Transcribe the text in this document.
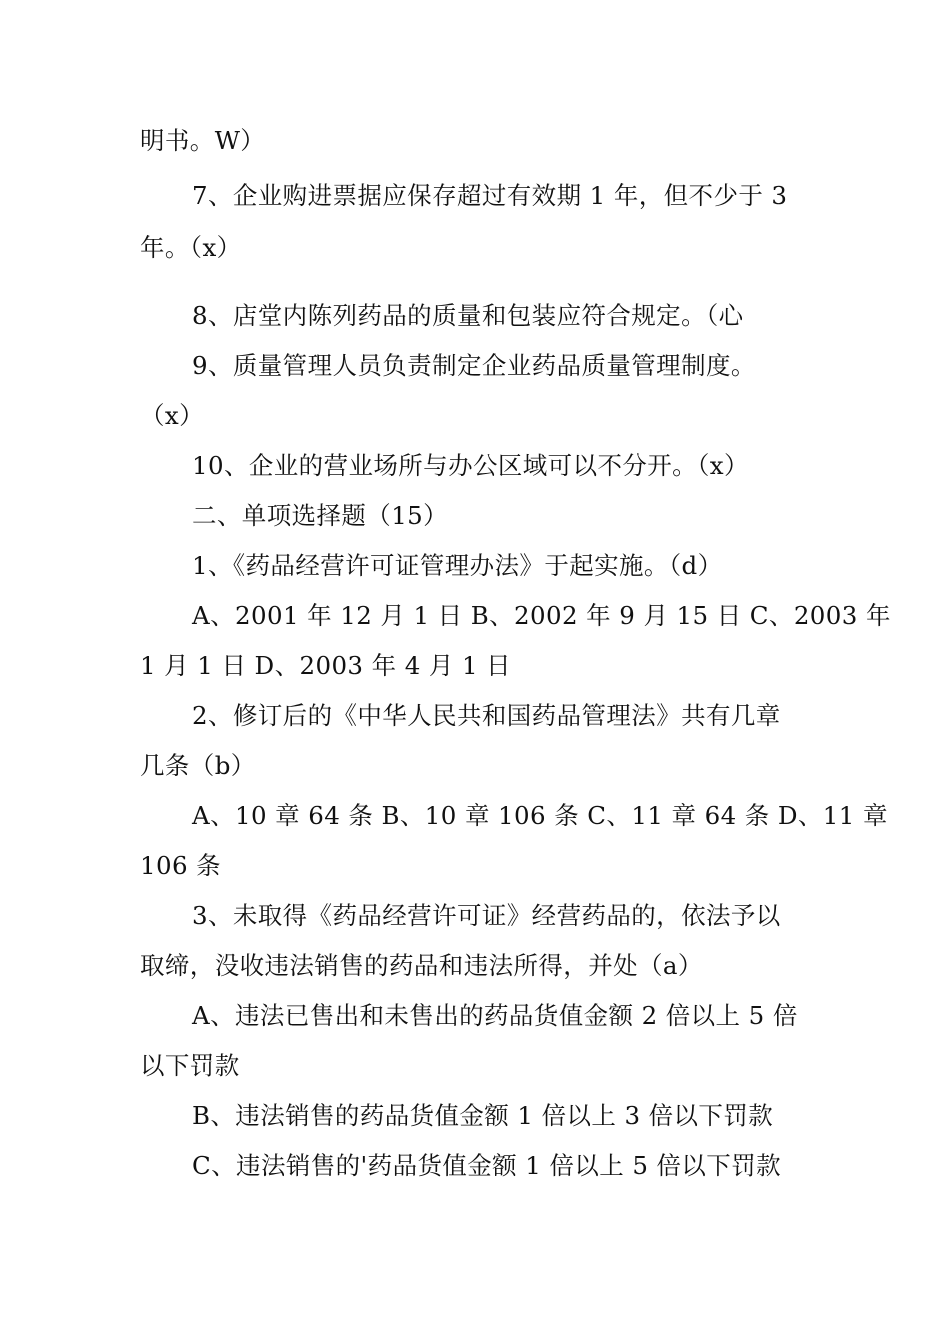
明书。W）
7、企业购进票据应保存超过有效期 1 年，但不少于 3
年。（x）
8、店堂内陈列药品的质量和包装应符合规定。（心
9、质量管理人员负责制定企业药品质量管理制度。
（x）
10、企业的营业场所与办公区域可以不分开。（x）
二、单项选择题（15）
1、《药品经营许可证管理办法》于起实施。（d）
A、2001 年 12 月 1 日 B、2002 年 9 月 15 日 C、2003 年
1 月 1 日 D、2003 年 4 月 1 日
2、修订后的《中华人民共和国药品管理法》共有几章
几条（b）
A、10 章 64 条 B、10 章 106 条 C、11 章 64 条 D、11 章
106 条
3、未取得《药品经营许可证》经营药品的，依法予以
取缔，没收违法销售的药品和违法所得，并处（a）
A、违法已售出和未售出的药品货值金额 2 倍以上 5 倍
以下罚款
B、违法销售的药品货值金额 1 倍以上 3 倍以下罚款
C、违法销售的'药品货值金额 1 倍以上 5 倍以下罚款
